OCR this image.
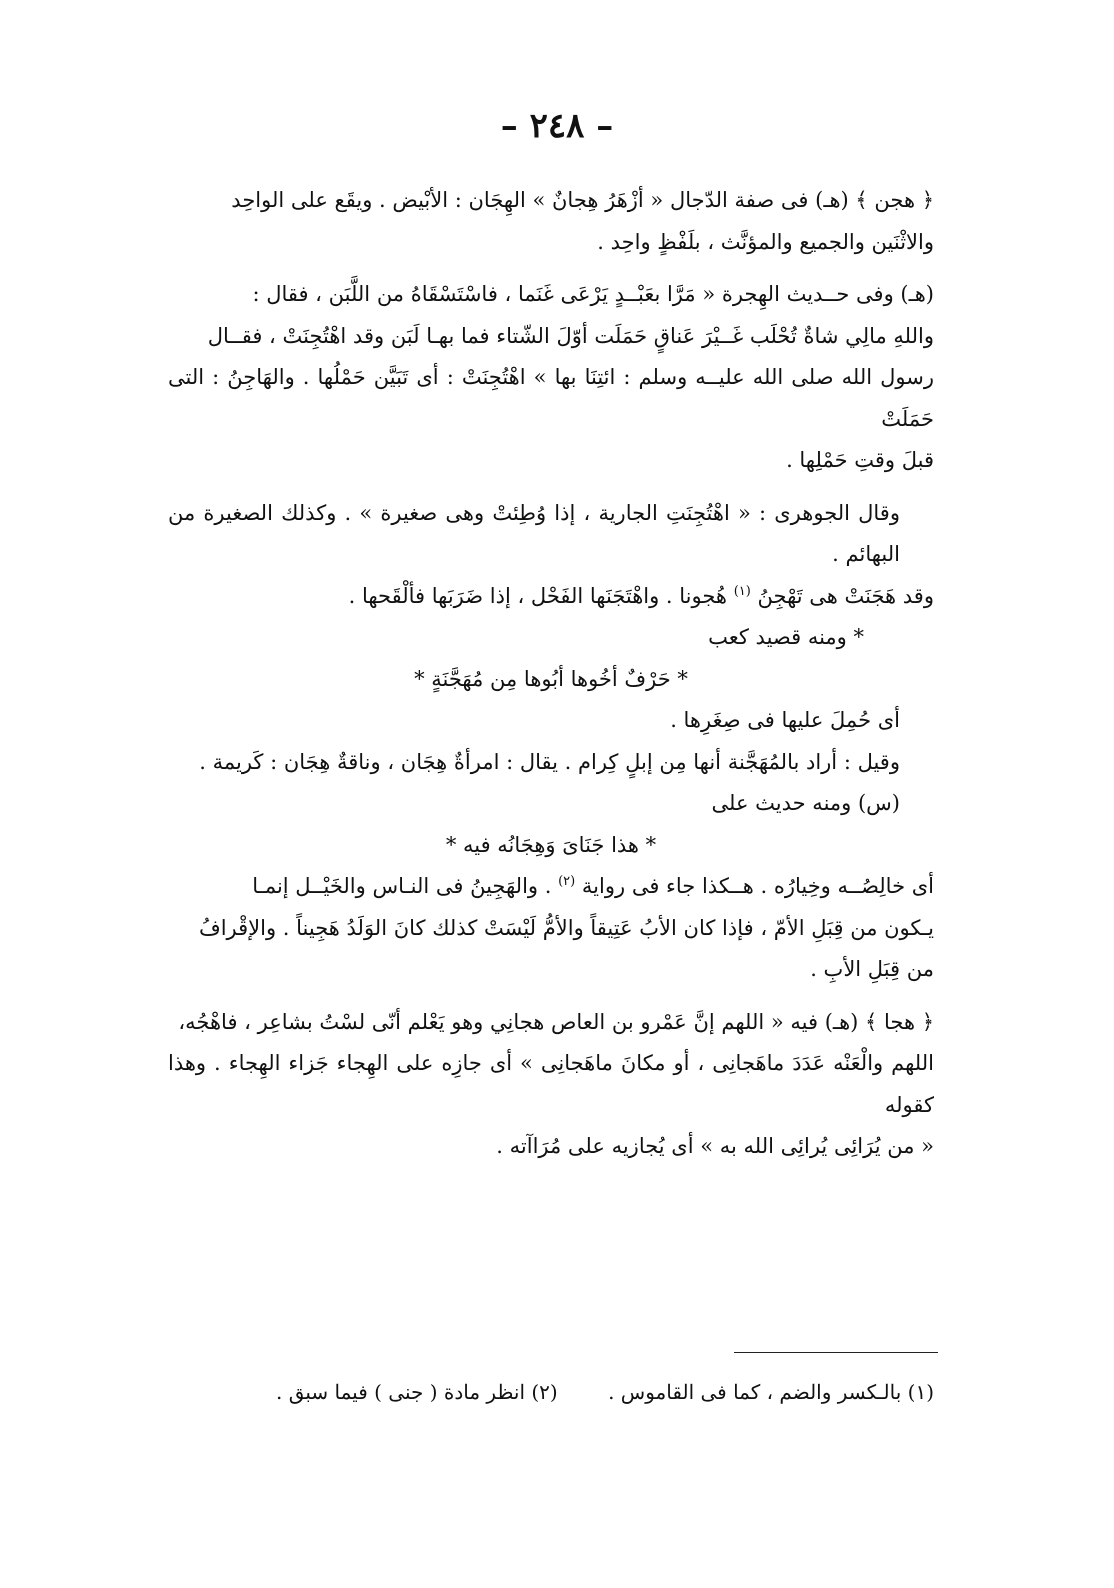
– ٢٤٨ –

﴿ هجن ﴾ (هـ) فى صفة الدّجال « أزْهَرُ هِجانٌ » الهِجَان : الأبْيض . ويقَع على الواحِد

والاثْنَين والجميع والمؤنَّث ، بلَفْظٍ واحِد .

(هـ) وفى حــديث الهِجرة « مَرَّا بعَبْــدٍ يَرْعَى غَنَما ، فاسْتَسْقَاهُ من اللَّبَن ، فقال :

واللهِ مالِي شاةٌ تُحْلَب غَــيْرَ عَناقٍ حَمَلَت أوّلَ الشّتاء فما بهـا لَبَن وقد اهْتُجِنَتْ ، فقــال

رسول الله صلى الله عليــه وسلم : ائتِنَا بها » اهْتُجِنَتْ : أى تَبَيَّن حَمْلُها . والهَاجِنُ : التى حَمَلَتْ

قبلَ وقتِ حَمْلِها .

وقال الجوهرى : « اهْتُجِنَتِ الجارية ، إذا وُطِئتْ وهى صغيرة » . وكذلك الصغيرة من البهائم .

وقد هَجَنَتْ هى تَهْجِنُ $^{(١)}$ هُجونا . واهْتَجَنَها الفَحْل ، إذا ضَرَبَها فألْقَحها .

* ومنه قصيد كعب

* حَرْفٌ أخُوها أبُوها مِن مُهَجَّنَةٍ *

أى حُمِلَ عليها فى صِغَرِها .

وقيل : أراد بالمُهَجَّنة أنها مِن إبلٍ كِرام . يقال : امرأةٌ هِجَان ، وناقةٌ هِجَان : كَريمة .

(س) ومنه حديث على

* هذا جَنَاىَ وَهِجَانُه فيه *

أى خالِصُــه وخِيارُه . هــكذا جاء فى رواية $^{(٢)}$ . والهَجِينُ فى النـاس والخَيْــل إنمـا

يـكون من قِبَلِ الأمّ ، فإذا كان الأبُ عَتِيقاً والأمُّ لَيْسَتْ كذلك كانَ الوَلَدُ هَجِيناً . والإقْرافُ

من قِبَلِ الأبِ .

﴿ هجا ﴾ (هـ) فيه « اللهم إنَّ عَمْرو بن العاص هجانِي وهو يَعْلم أنّى لسْتُ بشاعِر ، فاهْجُه،

اللهم والْعَنْه عَدَدَ ماهَجانِى ، أو مكانَ ماهَجانِى » أى جازِه على الهِجاء جَزاء الهِجاء . وهذا كقوله

« من يُرَائِى يُرائِى الله به » أى يُجازيه على مُرَاآته .

(١) بالـكسر والضم ، كما فى القاموس . (٢) انظر مادة ( جنى ) فيما سبق .
